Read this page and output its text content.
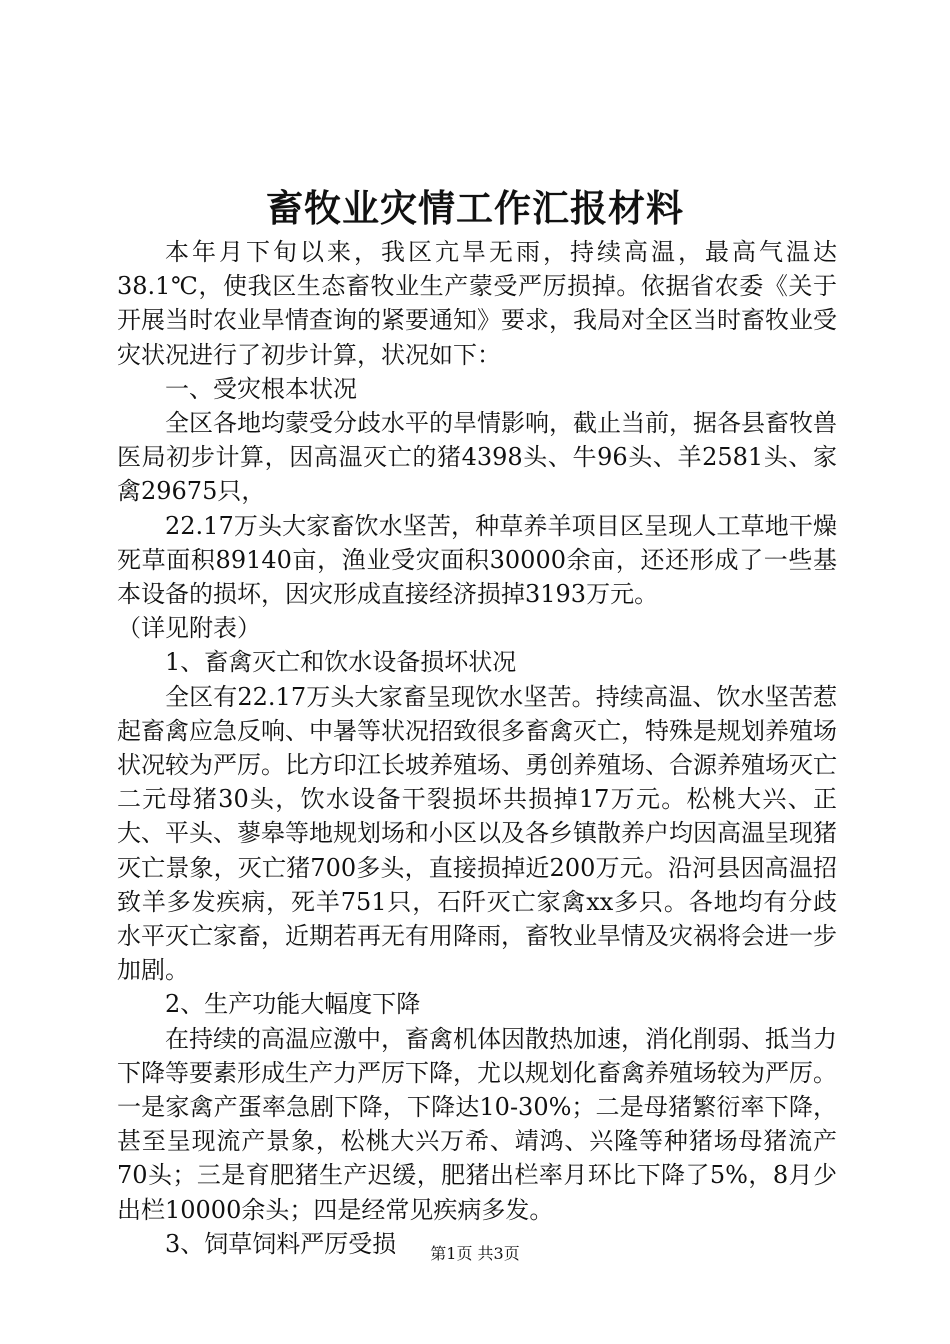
畜牧业灾情工作汇报材料

本年月下旬以来，我区亢旱无雨，持续高温，最高气温达38.1℃，使我区生态畜牧业生产蒙受严厉损掉。依据省农委《关于开展当时农业旱情查询的紧要通知》要求，我局对全区当时畜牧业受灾状况进行了初步计算，状况如下：

一、受灾根本状况

全区各地均蒙受分歧水平的旱情影响，截止当前，据各县畜牧兽医局初步计算，因高温灭亡的猪4398头、牛96头、羊2581头、家禽29675只，

22.17万头大家畜饮水坚苦，种草养羊项目区呈现人工草地干燥死草面积89140亩，渔业受灾面积30000余亩，还还形成了一些基本设备的损坏，因灾形成直接经济损掉3193万元。

（详见附表）

1、畜禽灭亡和饮水设备损坏状况

全区有22.17万头大家畜呈现饮水坚苦。持续高温、饮水坚苦惹起畜禽应急反响、中暑等状况招致很多畜禽灭亡，特殊是规划养殖场状况较为严厉。比方印江长坡养殖场、勇创养殖场、合源养殖场灭亡二元母猪30头，饮水设备干裂损坏共损掉17万元。松桃大兴、正大、平头、蓼皋等地规划场和小区以及各乡镇散养户均因高温呈现猪灭亡景象，灭亡猪700多头，直接损掉近200万元。沿河县因高温招致羊多发疾病，死羊751只，石阡灭亡家禽xx多只。各地均有分歧水平灭亡家畜，近期若再无有用降雨，畜牧业旱情及灾祸将会进一步加剧。

2、生产功能大幅度下降

在持续的高温应激中，畜禽机体因散热加速，消化削弱、抵当力下降等要素形成生产力严厉下降，尤以规划化畜禽养殖场较为严厉。一是家禽产蛋率急剧下降，下降达10-30%；二是母猪繁衍率下降，甚至呈现流产景象，松桃大兴万希、靖鸿、兴隆等种猪场母猪流产70头；三是育肥猪生产迟缓，肥猪出栏率月环比下降了5%，8月少出栏10000余头；四是经常见疾病多发。

3、饲草饲料严厉受损	第1页 共3页
